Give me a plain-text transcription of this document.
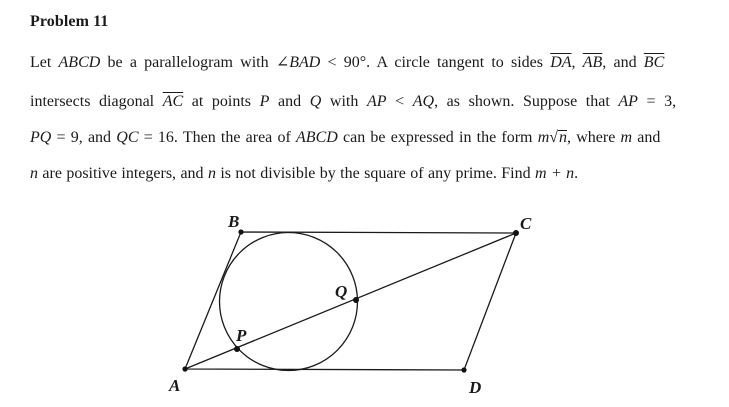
Problem 11
Let ABCD be a parallelogram with ∠BAD < 90°. A circle tangent to sides $\overline{DA}$, $\overline{AB}$, and $\overline{BC}$
intersects diagonal $\overline{AC}$ at points P and Q with AP < AQ, as shown. Suppose that AP = 3,
PQ = 9, and QC = 16. Then the area of ABCD can be expressed in the form m√n, where m and
n are positive integers, and n is not divisible by the square of any prime. Find m + n.
A
B	C
D
P
Q
